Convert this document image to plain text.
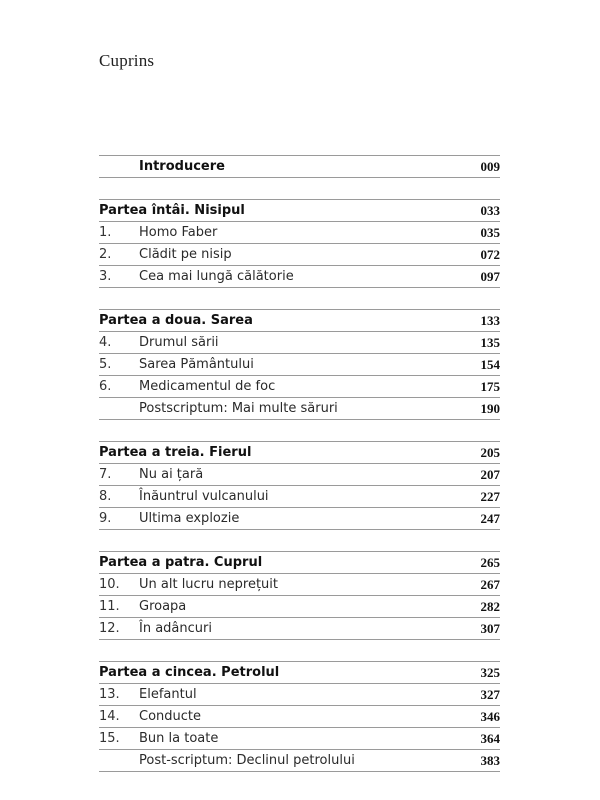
Cuprins
Introducere	009
Partea întâi. Nisipul	033
1. Homo Faber	035
2. Clădit pe nisip	072
3. Cea mai lungă călătorie	097
Partea a doua. Sarea	133
4. Drumul sării	135
5. Sarea Pământului	154
6. Medicamentul de foc	175
Postscriptum: Mai multe săruri	190
Partea a treia. Fierul	205
7. Nu ai țară	207
8. Înăuntrul vulcanului	227
9. Ultima explozie	247
Partea a patra. Cuprul	265
10. Un alt lucru neprețuit	267
11. Groapa	282
12. În adâncuri	307
Partea a cincea. Petrolul	325
13. Elefantul	327
14. Conducte	346
15. Bun la toate	364
Post-scriptum: Declinul petrolului	383
